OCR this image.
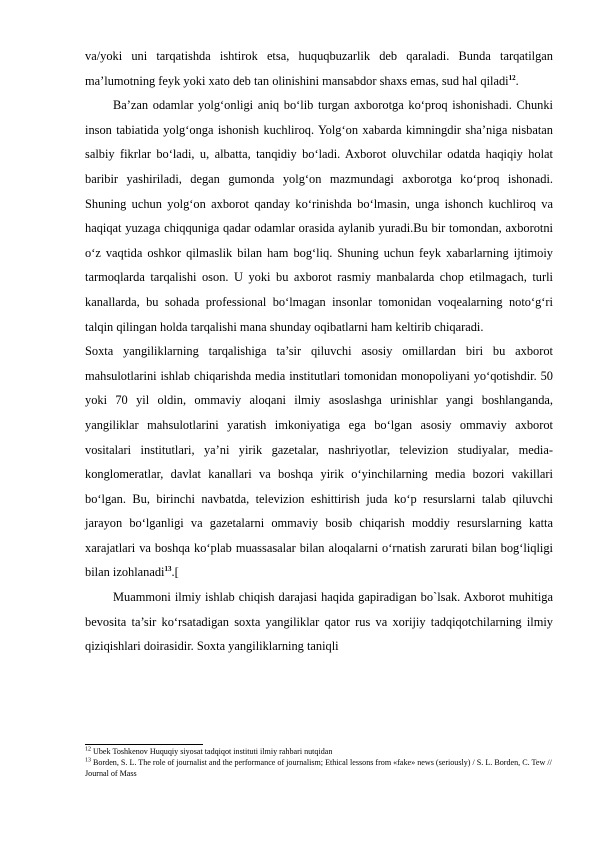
va/yoki uni tarqatishda ishtirok etsa, huquqbuzarlik deb qaraladi. Bunda tarqatilgan ma’lumotning feyk yoki xato deb tan olinishini mansabdor shaxs emas, sud hal qiladi$^{12}$.

Ba’zan odamlar yolg‘onligi aniq bo‘lib turgan axborotga ko‘proq ishonishadi. Chunki inson tabiatida yolg‘onga ishonish kuchliroq. Yolg‘on xabarda kimningdir sha’niga nisbatan salbiy fikrlar bo‘ladi, u, albatta, tanqidiy bo‘ladi. Axborot oluvchilar odatda haqiqiy holat baribir yashiriladi, degan gumonda yolg‘on mazmundagi axborotga ko‘proq ishonadi. Shuning uchun yolg‘on axborot qanday ko‘rinishda bo‘lmasin, unga ishonch kuchliroq va haqiqat yuzaga chiqquniga qadar odamlar orasida aylanib yuradi.Bu bir tomondan, axborotni o‘z vaqtida oshkor qilmaslik bilan ham bog‘liq. Shuning uchun feyk xabarlarning ijtimoiy tarmoqlarda tarqalishi oson. U yoki bu axborot rasmiy manbalarda chop etilmagach, turli kanallarda, bu sohada professional bo‘lmagan insonlar tomonidan voqealarning noto‘g‘ri talqin qilingan holda tarqalishi mana shunday oqibatlarni ham keltirib chiqaradi.

Soxta yangiliklarning tarqalishiga ta’sir qiluvchi asosiy omillardan biri bu axborot mahsulotlarini ishlab chiqarishda media institutlari tomonidan monopoliyani yo‘qotishdir. 50 yoki 70 yil oldin, ommaviy aloqani ilmiy asoslashga urinishlar yangi boshlanganda, yangiliklar mahsulotlarini yaratish imkoniyatiga ega bo‘lgan asosiy ommaviy axborot vositalari institutlari, ya’ni yirik gazetalar, nashriyotlar, televizion studiyalar, media-konglomeratlar, davlat kanallari va boshqa yirik o‘yinchilarning media bozori vakillari bo‘lgan. Bu, birinchi navbatda, televizion eshittirish juda ko‘p resurslarni talab qiluvchi jarayon bo‘lganligi va gazetalarni ommaviy bosib chiqarish moddiy resurslarning katta xarajatlari va boshqa ko‘plab muassasalar bilan aloqalarni o‘rnatish zarurati bilan bog‘liqligi bilan izohlanadi$^{13}$.[

Muammoni ilmiy ishlab chiqish darajasi haqida gapiradigan bo`lsak. Axborot muhitiga bevosita ta’sir ko‘rsatadigan soxta yangiliklar qator rus va xorijiy tadqiqotchilarning ilmiy qiziqishlari doirasidir. Soxta yangiliklarning taniqli

$^{12}$ Ubek Toshkenov Huquqiy siyosat tadqiqot instituti ilmiy rahbari nutqidan

$^{13}$ Borden, S. L. The role of journalist and the performance of journalism; Ethical lessons from «fake» news (seriously) / S. L. Borden, C. Tew // Journal of Mass
